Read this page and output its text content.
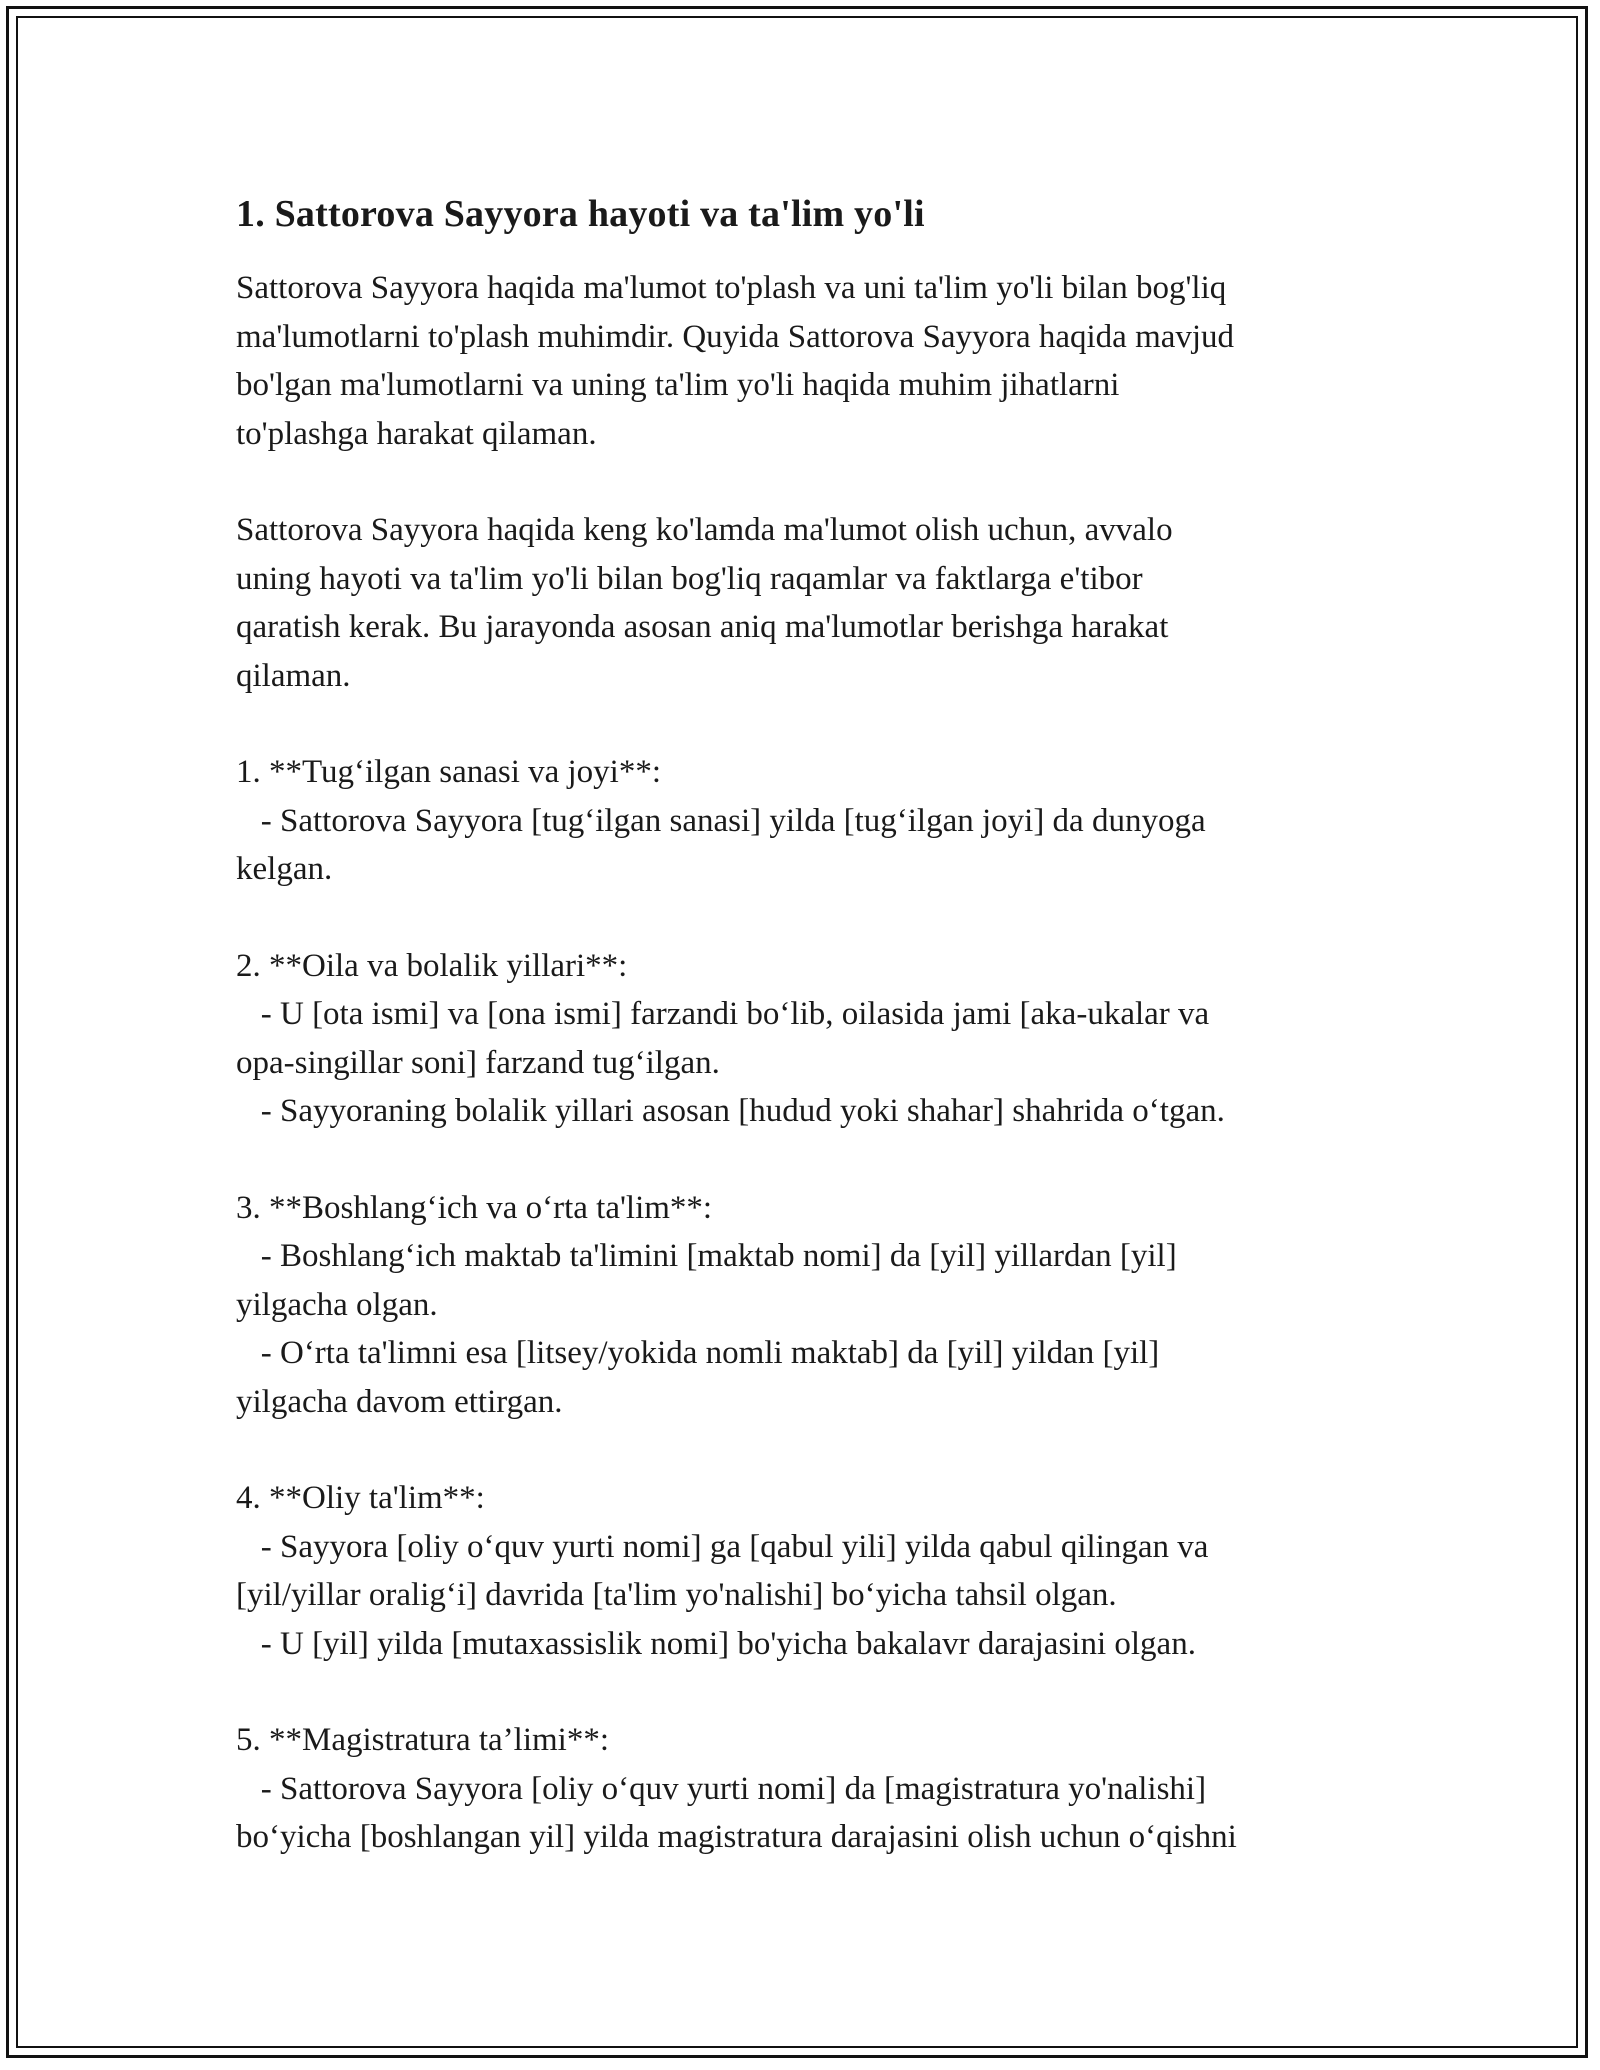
1. Sattorova Sayyora hayoti va ta'lim yo'li

Sattorova Sayyora haqida ma'lumot to'plash va uni ta'lim yo'li bilan bog'liq
ma'lumotlarni to'plash muhimdir. Quyida Sattorova Sayyora haqida mavjud
bo'lgan ma'lumotlarni va uning ta'lim yo'li haqida muhim jihatlarni
to'plashga harakat qilaman.

Sattorova Sayyora haqida keng ko'lamda ma'lumot olish uchun, avvalo
uning hayoti va ta'lim yo'li bilan bog'liq raqamlar va faktlarga e'tibor
qaratish kerak. Bu jarayonda asosan aniq ma'lumotlar berishga harakat
qilaman.

1. **Tug‘ilgan sanasi va joyi**:
- Sattorova Sayyora [tug‘ilgan sanasi] yilda [tug‘ilgan joyi] da dunyoga
kelgan.

2. **Oila va bolalik yillari**:
- U [ota ismi] va [ona ismi] farzandi bo‘lib, oilasida jami [aka-ukalar va
opa-singillar soni] farzand tug‘ilgan.
- Sayyoraning bolalik yillari asosan [hudud yoki shahar] shahrida o‘tgan.

3. **Boshlang‘ich va o‘rta ta'lim**:
- Boshlang‘ich maktab ta'limini [maktab nomi] da [yil] yillardan [yil]
yilgacha olgan.
- O‘rta ta'limni esa [litsey/yokida nomli maktab] da [yil] yildan [yil]
yilgacha davom ettirgan.

4. **Oliy ta'lim**:
- Sayyora [oliy o‘quv yurti nomi] ga [qabul yili] yilda qabul qilingan va
[yil/yillar oralig‘i] davrida [ta'lim yo'nalishi] bo‘yicha tahsil olgan.
- U [yil] yilda [mutaxassislik nomi] bo'yicha bakalavr darajasini olgan.

5. **Magistratura ta’limi**:
- Sattorova Sayyora [oliy o‘quv yurti nomi] da [magistratura yo'nalishi]
bo‘yicha [boshlangan yil] yilda magistratura darajasini olish uchun o‘qishni
